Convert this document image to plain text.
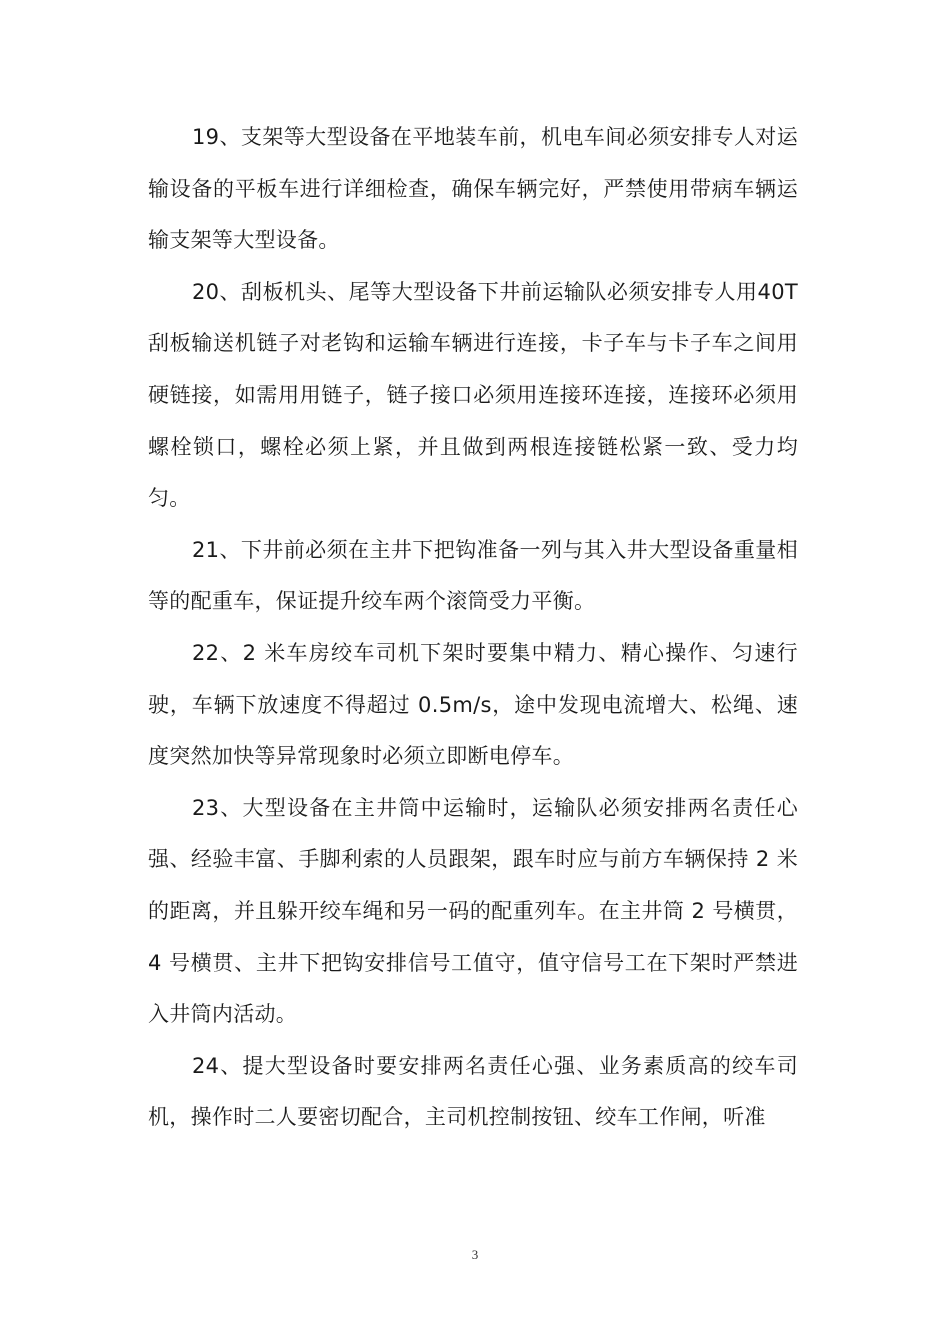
19、支架等大型设备在平地装车前，机电车间必须安排专人对运输设备的平板车进行详细检查，确保车辆完好，严禁使用带病车辆运输支架等大型设备。

20、刮板机头、尾等大型设备下井前运输队必须安排专人用40T 刮板输送机链子对老钩和运输车辆进行连接，卡子车与卡子车之间用硬链接，如需用用链子，链子接口必须用连接环连接，连接环必须用螺栓锁口，螺栓必须上紧，并且做到两根连接链松紧一致、受力均匀。

21、下井前必须在主井下把钩准备一列与其入井大型设备重量相等的配重车，保证提升绞车两个滚筒受力平衡。

22、2 米车房绞车司机下架时要集中精力、精心操作、匀速行驶，车辆下放速度不得超过 0.5m/s，途中发现电流增大、松绳、速度突然加快等异常现象时必须立即断电停车。

23、大型设备在主井筒中运输时，运输队必须安排两名责任心强、经验丰富、手脚利索的人员跟架，跟车时应与前方车辆保持 2 米的距离，并且躲开绞车绳和另一码的配重列车。在主井筒 2 号横贯，4 号横贯、主井下把钩安排信号工值守，值守信号工在下架时严禁进入井筒内活动。

24、提大型设备时要安排两名责任心强、业务素质高的绞车司机，操作时二人要密切配合，主司机控制按钮、绞车工作闸，听准

3
